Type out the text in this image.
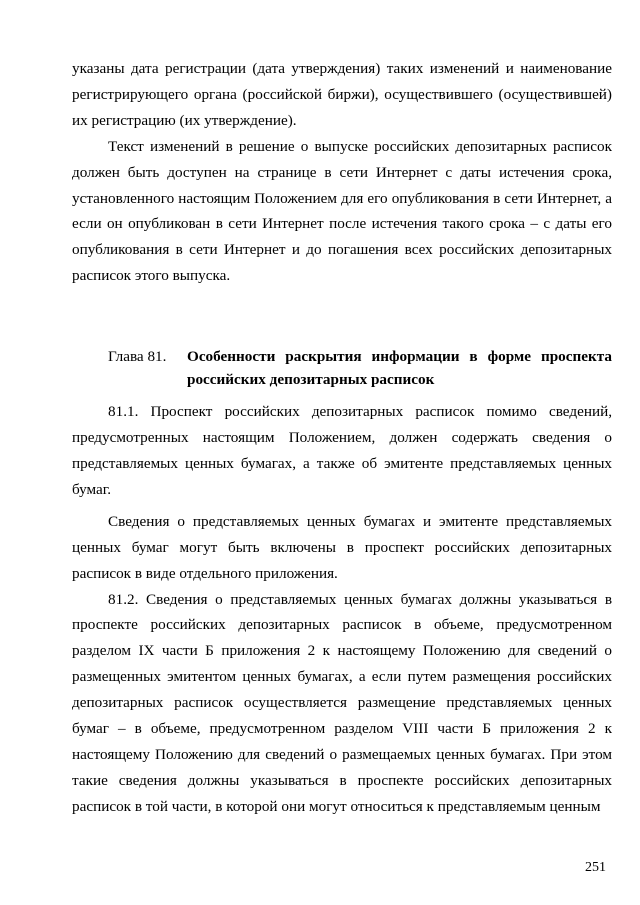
указаны дата регистрации (дата утверждения) таких изменений и наименование регистрирующего органа (российской биржи), осуществившего (осуществившей) их регистрацию (их утверждение).

Текст изменений в решение о выпуске российских депозитарных расписок должен быть доступен на странице в сети Интернет с даты истечения срока, установленного настоящим Положением для его опубликования в сети Интернет, а если он опубликован в сети Интернет после истечения такого срока – с даты его опубликования в сети Интернет и до погашения всех российских депозитарных расписок этого выпуска.

Глава 81. Особенности раскрытия информации в форме проспекта
российских депозитарных расписок

81.1. Проспект российских депозитарных расписок помимо сведений, предусмотренных настоящим Положением, должен содержать сведения о представляемых ценных бумагах, а также об эмитенте представляемых ценных бумаг.

Сведения о представляемых ценных бумагах и эмитенте представляемых ценных бумаг могут быть включены в проспект российских депозитарных расписок в виде отдельного приложения.

81.2. Сведения о представляемых ценных бумагах должны указываться в проспекте российских депозитарных расписок в объеме, предусмотренном разделом IX части Б приложения 2 к настоящему Положению для сведений о размещенных эмитентом ценных бумагах, а если путем размещения российских депозитарных расписок осуществляется размещение представляемых ценных бумаг – в объеме, предусмотренном разделом VIII части Б приложения 2 к настоящему Положению для сведений о размещаемых ценных бумагах. При этом такие сведения должны указываться в проспекте российских депозитарных расписок в той части, в которой они могут относиться к представляемым ценным

251
